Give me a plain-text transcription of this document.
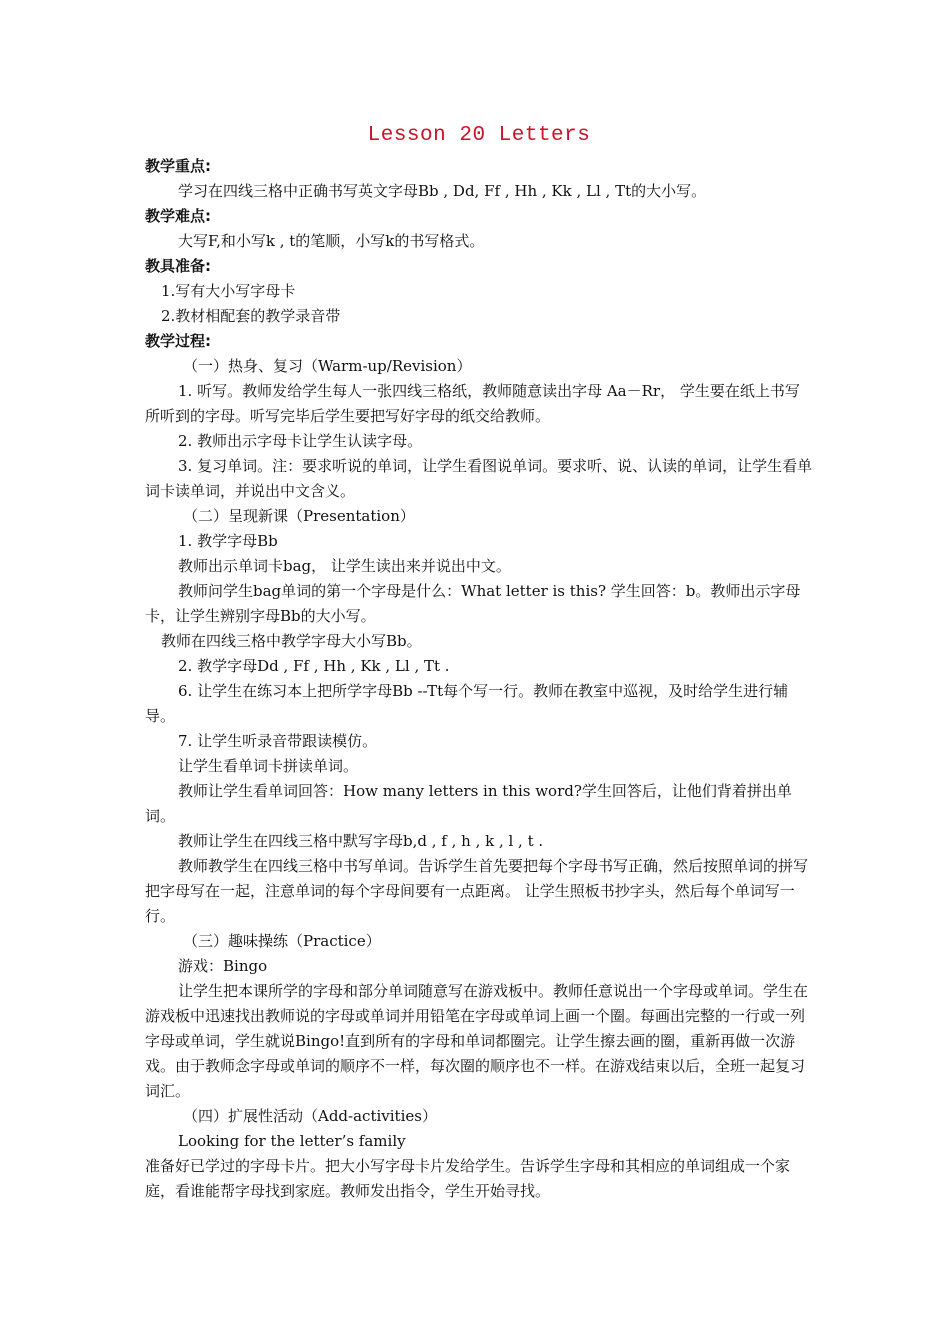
Lesson 20 Letters

教学重点:

学习在四线三格中正确书写英文字母Bb , Dd, Ff , Hh , Kk , Ll , Tt的大小写。

教学难点:

大写F,和小写k , t的笔顺，小写k的书写格式。

教具准备:

1.写有大小写字母卡

2.教材相配套的教学录音带

教学过程:

（一）热身、复习（Warm-up/Revision）

1. 听写。教师发给学生每人一张四线三格纸，教师随意读出字母 Aa－Rr， 学生要在纸上书写所听到的字母。听写完毕后学生要把写好字母的纸交给教师。

2. 教师出示字母卡让学生认读字母。

3. 复习单词。注：要求听说的单词，让学生看图说单词。要求听、说、认读的单词，让学生看单词卡读单词，并说出中文含义。

（二）呈现新课（Presentation）

1. 教学字母Bb

教师出示单词卡bag， 让学生读出来并说出中文。

教师问学生bag单词的第一个字母是什么：What letter is this? 学生回答：b。教师出示字母卡，让学生辨别字母Bb的大小写。

教师在四线三格中教学字母大小写Bb。

2. 教学字母Dd , Ff , Hh , Kk , Ll , Tt .

6. 让学生在练习本上把所学字母Bb --Tt每个写一行。教师在教室中巡视，及时给学生进行辅导。

7. 让学生听录音带跟读模仿。

让学生看单词卡拼读单词。

教师让学生看单词回答：How many letters in this word?学生回答后，让他们背着拼出单词。

教师让学生在四线三格中默写字母b,d , f , h , k , l , t .

教师教学生在四线三格中书写单词。告诉学生首先要把每个字母书写正确，然后按照单词的拼写把字母写在一起，注意单词的每个字母间要有一点距离。 让学生照板书抄字头，然后每个单词写一行。

（三）趣味操练（Practice）

游戏：Bingo

让学生把本课所学的字母和部分单词随意写在游戏板中。教师任意说出一个字母或单词。学生在游戏板中迅速找出教师说的字母或单词并用铅笔在字母或单词上画一个圈。每画出完整的一行或一列字母或单词，学生就说Bingo!直到所有的字母和单词都圈完。让学生擦去画的圈，重新再做一次游戏。由于教师念字母或单词的顺序不一样，每次圈的顺序也不一样。在游戏结束以后，全班一起复习词汇。

（四）扩展性活动（Add-activities）

Looking for the letter’s family

准备好已学过的字母卡片。把大小写字母卡片发给学生。告诉学生字母和其相应的单词组成一个家庭，看谁能帮字母找到家庭。教师发出指令，学生开始寻找。
